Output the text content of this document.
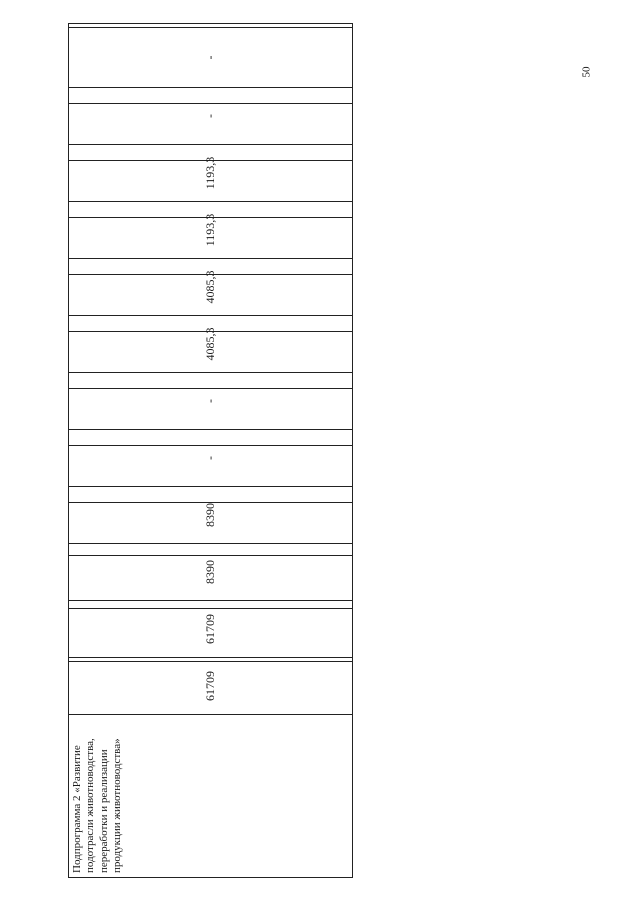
50

Подпрограмма 2 «Развитие подотрасли животноводства, переработки и реализации продукции животноводства»	61709	61709	8390	8390	-	-	4085,3	4085,3	1193,3	1193,3	-	-
